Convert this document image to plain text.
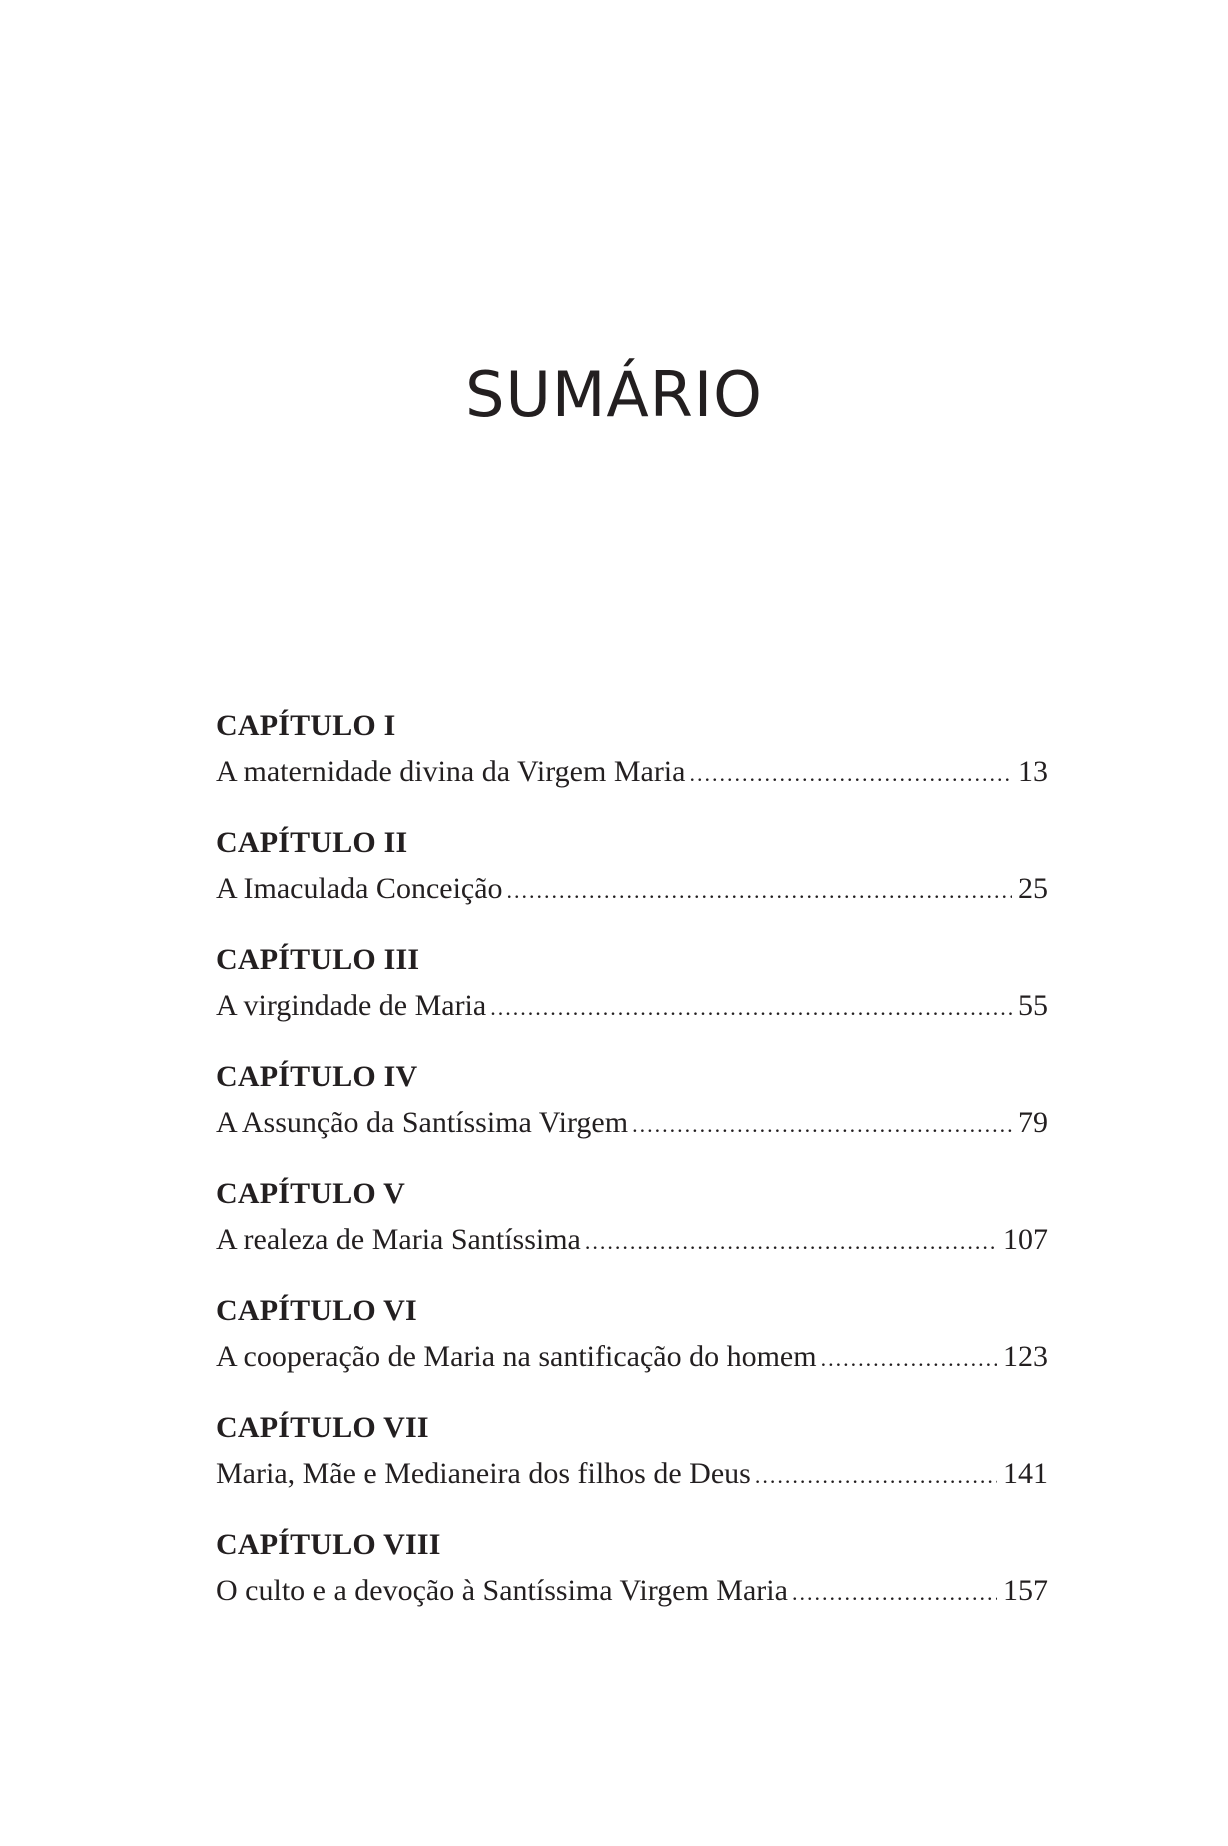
SUMÁRIO
CAPÍTULO I
A maternidade divina da Virgem Maria .....	13
CAPÍTULO II
A Imaculada Conceição .....	25
CAPÍTULO III
A virgindade de Maria .....	55
CAPÍTULO IV
A Assunção da Santíssima Virgem .....	79
CAPÍTULO V
A realeza de Maria Santíssima .....	107
CAPÍTULO VI
A cooperação de Maria na santificação do homem .....	123
CAPÍTULO VII
Maria, Mãe e Medianeira dos filhos de Deus .....	141
CAPÍTULO VIII
O culto e a devoção à Santíssima Virgem Maria .....	157
